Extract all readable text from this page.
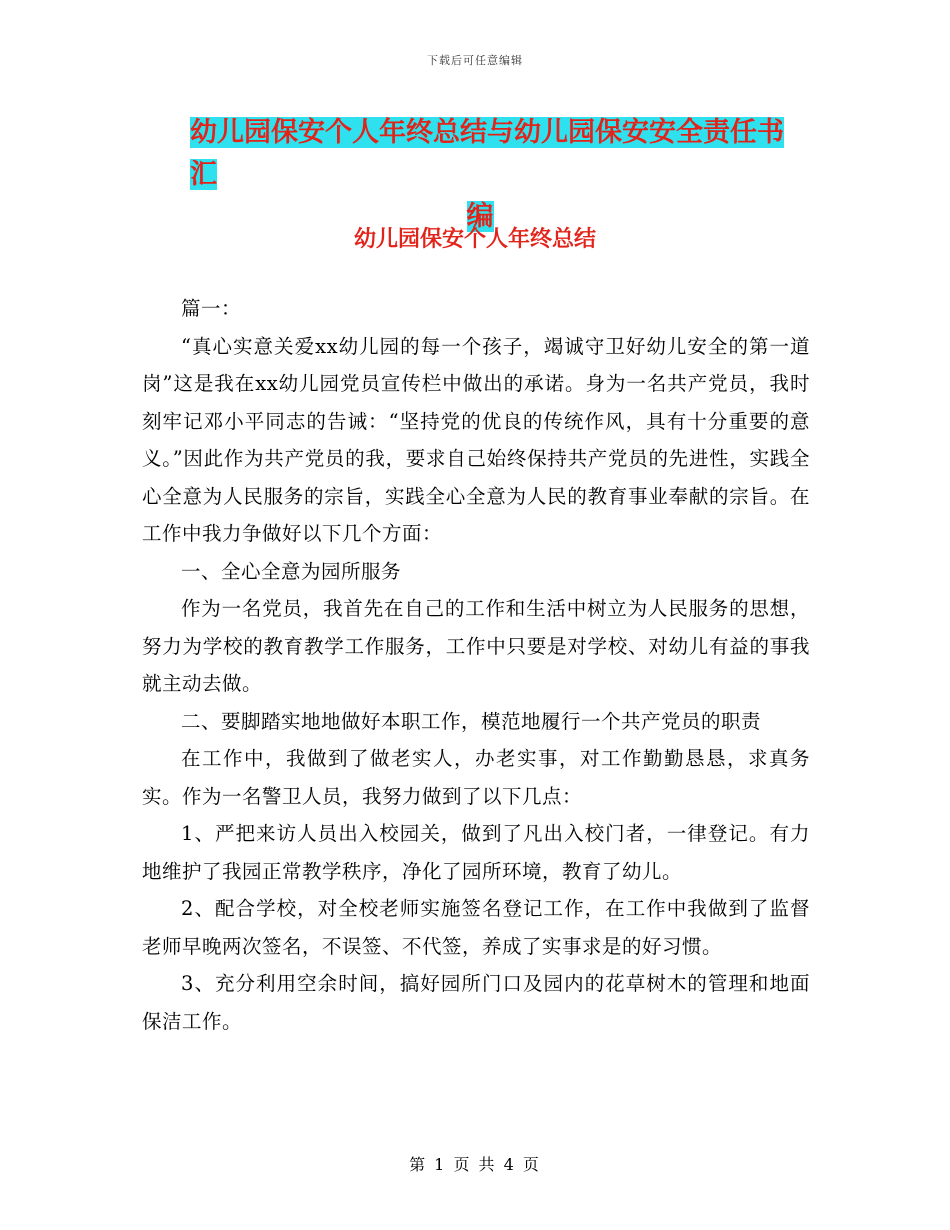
下载后可任意编辑
幼儿园保安个人年终总结与幼儿园保安安全责任书汇
编
幼儿园保安个人年终总结

篇一：

“真心实意关爱xx幼儿园的每一个孩子，竭诚守卫好幼儿安全的第一道岗”这是我在xx幼儿园党员宣传栏中做出的承诺。身为一名共产党员，我时刻牢记邓小平同志的告诫：“坚持党的优良的传统作风，具有十分重要的意义。”因此作为共产党员的我，要求自己始终保持共产党员的先进性，实践全心全意为人民服务的宗旨，实践全心全意为人民的教育事业奉献的宗旨。在工作中我力争做好以下几个方面：

一、全心全意为园所服务

作为一名党员，我首先在自己的工作和生活中树立为人民服务的思想，努力为学校的教育教学工作服务，工作中只要是对学校、对幼儿有益的事我就主动去做。

二、要脚踏实地地做好本职工作，模范地履行一个共产党员的职责

在工作中，我做到了做老实人，办老实事，对工作勤勤恳恳，求真务实。作为一名警卫人员，我努力做到了以下几点：

1、严把来访人员出入校园关，做到了凡出入校门者，一律登记。有力地维护了我园正常教学秩序，净化了园所环境，教育了幼儿。

2、配合学校，对全校老师实施签名登记工作，在工作中我做到了监督老师早晚两次签名，不误签、不代签，养成了实事求是的好习惯。

3、充分利用空余时间，搞好园所门口及园内的花草树木的管理和地面保洁工作。

第 1 页 共 4 页
